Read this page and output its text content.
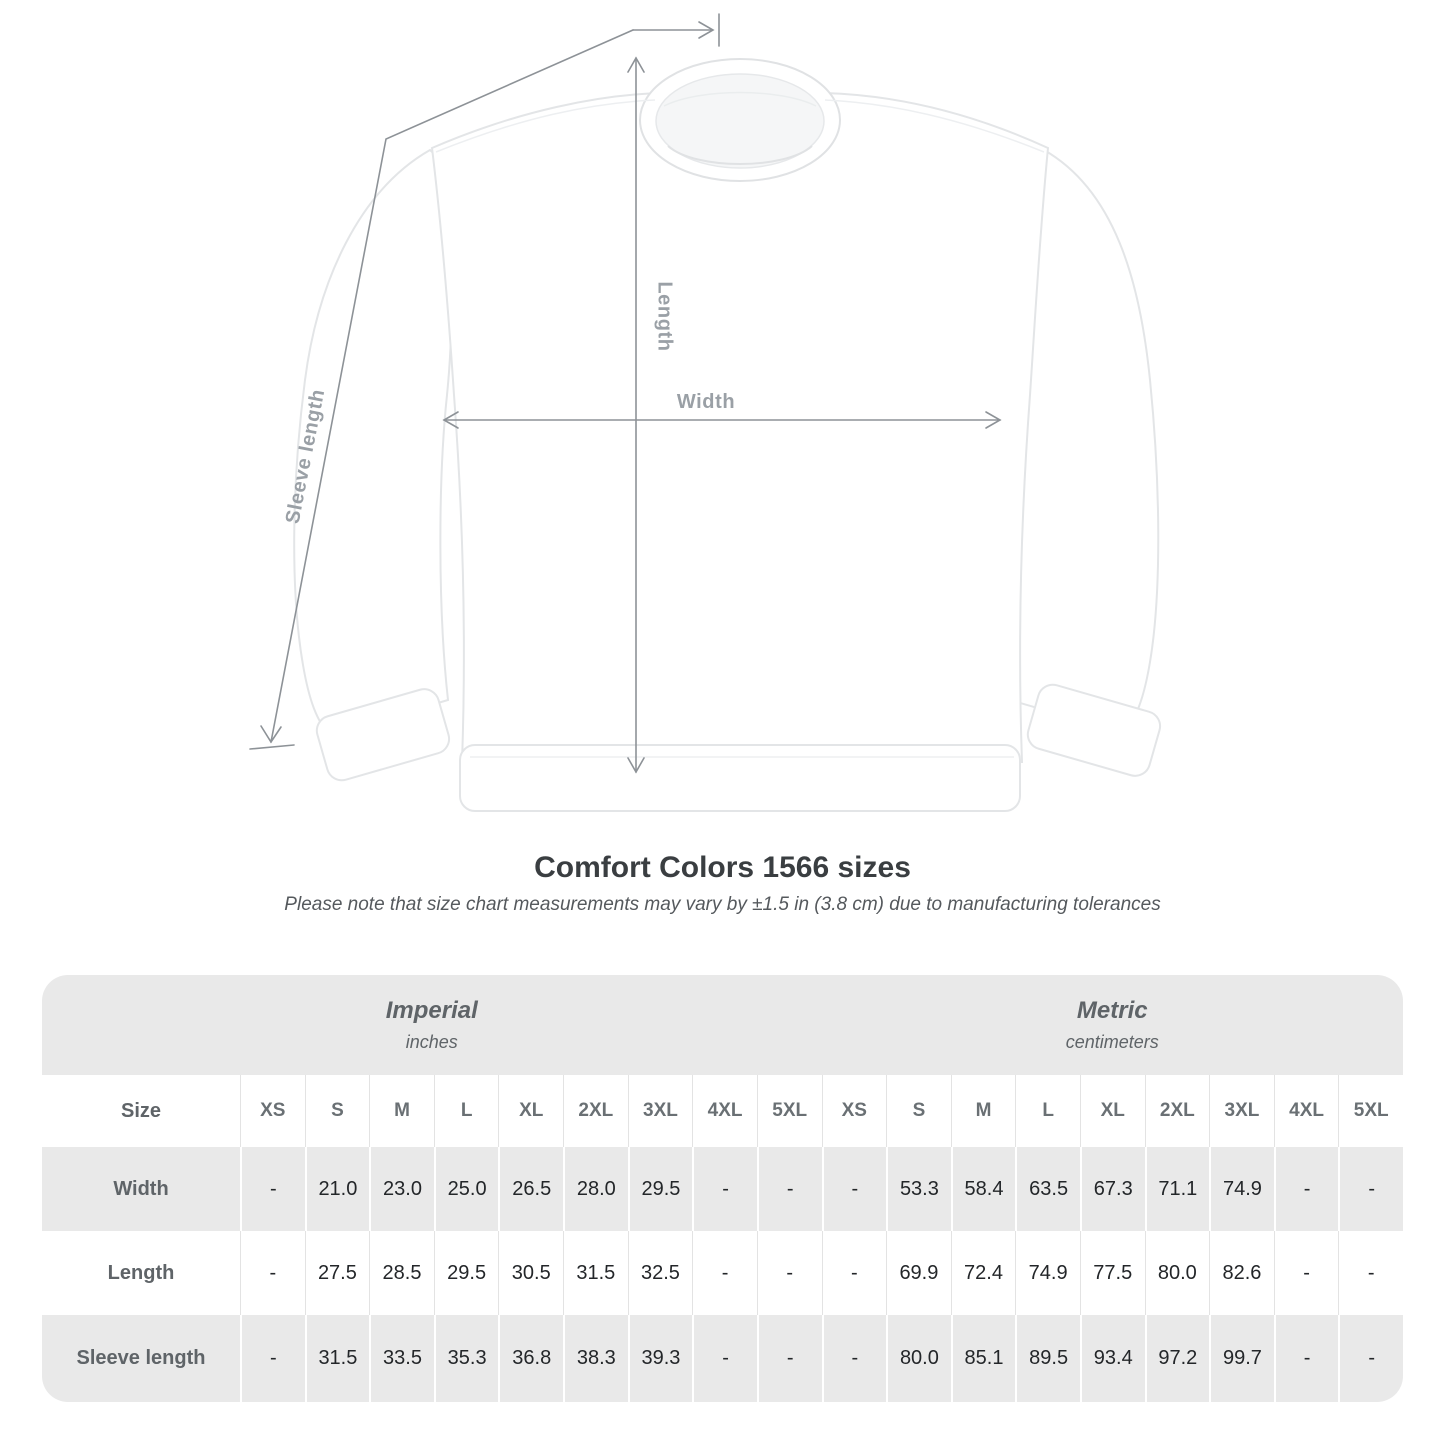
Sleeve length
Length
Width
Comfort Colors 1566 sizes
Please note that size chart measurements may vary by ±1.5 in (3.8 cm) due to manufacturing tolerances
Imperial
inches
Metric
centimeters
Size	XS	S	M	L	XL	2XL	3XL	4XL	5XL	XS	S	M	L	XL	2XL	3XL	4XL	5XL
Width	-	21.0	23.0	25.0	26.5	28.0	29.5	-	-	-	53.3	58.4	63.5	67.3	71.1	74.9	-	-
Length	-	27.5	28.5	29.5	30.5	31.5	32.5	-	-	-	69.9	72.4	74.9	77.5	80.0	82.6	-	-
Sleeve length	-	31.5	33.5	35.3	36.8	38.3	39.3	-	-	-	80.0	85.1	89.5	93.4	97.2	99.7	-	-
